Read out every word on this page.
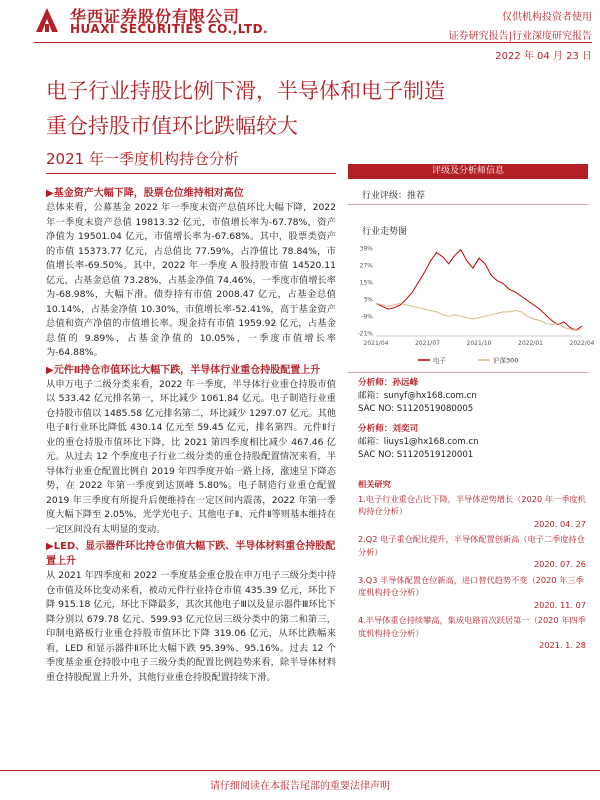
华西证券股份有限公司
HUAXI SECURITIES CO.,LTD.
仅供机构投资者使用
证券研究报告|行业深度研究报告
2022 年 04 月 23 日
电子行业持股比例下滑，半导体和电子制造
重仓持股市值环比跌幅较大
2021 年一季度机构持仓分析
▶基金资产大幅下降，股票仓位维持相对高位

总体来看，公募基金 2022 年一季度末资产总值环比大幅下降，2022 年一季度末资产总值 19813.32 亿元，市值增长率为-67.78%，资产净值为 19501.04 亿元，市值增长率为-67.68%。其中，股票类资产的市值 15373.77 亿元，占总值比 77.59%，占净值比 78.84%，市值增长率-69.50%。其中，2022 年一季度 A 股持股市值 14520.11 亿元，占基金总值 73.28%，占基金净值 74.46%，一季度市值增长率为-68.98%，大幅下滑。债券持有市值 2008.47 亿元，占基金总值 10.14%，占基金净值 10.30%，市值增长率-52.41%，高于基金资产总值和资产净值的市值增长率。现金持有市值 1959.92 亿元，占基金总值的 9.89%，占基金净值的 10.05%，一季度市值增长率为-64.88%。

▶元件Ⅱ持仓市值环比大幅下跌，半导体行业重仓持股配置上升

从申万电子二级分类来看，2022 年一季度，半导体行业重仓持股市值以 533.42 亿元排名第一，环比减少 1061.84 亿元。电子制造行业重仓持股市值以 1485.58 亿元排名第二，环比减少 1297.07 亿元。其他电子Ⅱ行业环比降低 430.14 亿元至 59.45 亿元，排名第四。元件Ⅱ行业的重仓持股市值环比下降，比 2021 第四季度相比减少 467.46 亿元。从过去 12 个季度电子行业二级分类的重仓持股配置情况来看，半导体行业重仓配置比例自 2019 年四季度开始一路上扬，涨速呈下降态势，在 2022 年第一季度到达顶峰 5.80%。电子制造行业重仓配置 2019 年三季度有所提升后便维持在一定区间内震荡，2022 年第一季度大幅下降至 2.05%，光学光电子、其他电子Ⅱ、元件Ⅱ等则基本维持在一定区间没有太明显的变动。

▶LED、显示器件环比持仓市值大幅下跌、半导体材料重仓持股配置上升

从 2021 年四季度和 2022 一季度基金重仓股在申万电子三级分类中持仓市值及环比变动来看，被动元件行业持仓市值 435.39 亿元，环比下降 915.18 亿元，环比下降最多，其次其他电子Ⅲ以及显示器件Ⅲ环比下降分别以 679.78 亿元、599.93 亿元位居三级分类中的第二和第三，印制电路板行业重仓持股市值环比下降 319.06 亿元，从环比跌幅来看，LED 和显示器件Ⅱ环比大幅下跌 95.39%、95.16%。过去 12 个季度基金重仓持股中电子三级分类的配置比例趋势来看，除半导体材料重仓持股配置上升外，其他行业重仓持股配置持续下滑。

评级及分析师信息
行业评级：推荐
行业走势图
39%
27%
15%
3%
-9%
-21%
2021/04	2021/07	2021/10	2022/01	2022/04
电子	沪深300
分析师：孙远峰
邮箱：sunyf@hx168.com.cn
SAC NO: S1120519080005
分析师：刘奕司
邮箱：liuys1@hx168.com.cn
SAC NO: S1120519120001
相关研究
1.电子行业重仓占比下降，半导体逆势增长（2020 年一季度机构持仓分析）
2020. 04. 27
2.Q2 电子重仓配比提升，半导体配置创新高（电子二季度持仓分析）
2020. 07. 26
3.Q3 半导体配置仓位新高，进口替代趋势不变（2020 年三季度机构持仓分析）
2020. 11. 07
4.半导体重仓持续攀高，集成电路首次跃居第一（2020 年四季度机构持仓分析）
2021. 1. 28
请仔细阅读在本报告尾部的重要法律声明
